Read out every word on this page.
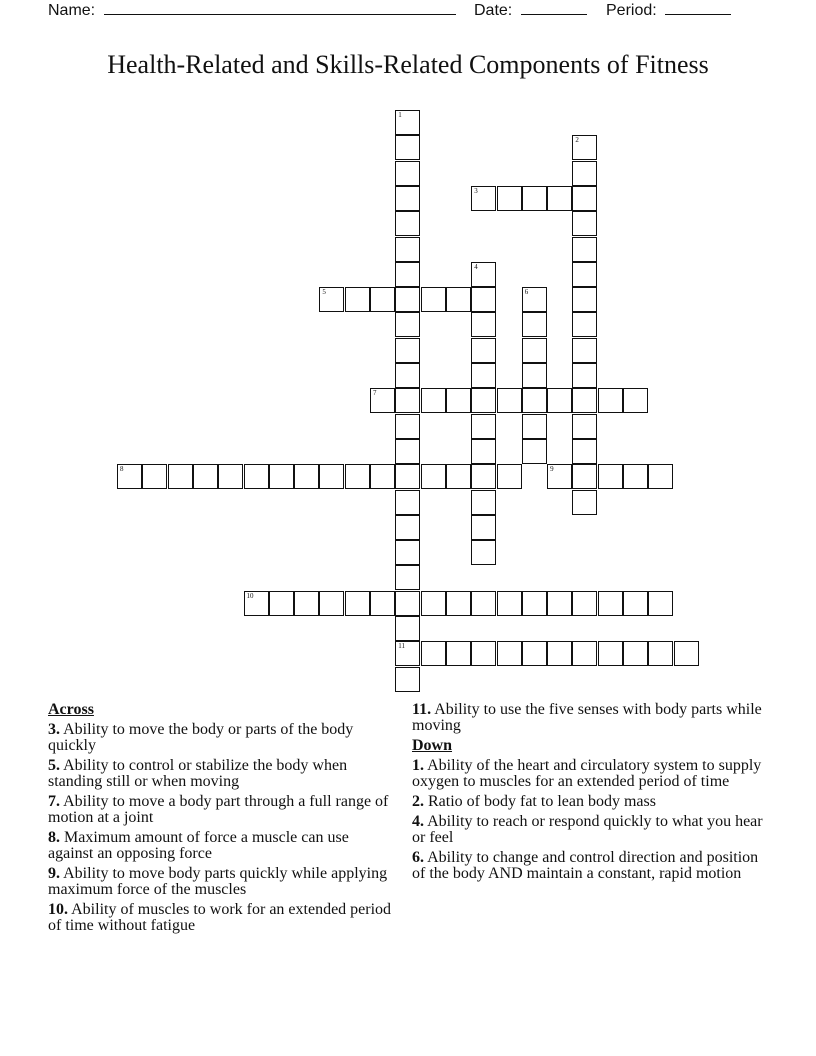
Name:	Date:	Period:
Health-Related and Skills-Related Components of Fitness
1
11
2
3
4
5	6
7
8	9
10
Across
3. Ability to move the body or parts of the body quickly
5. Ability to control or stabilize the body when standing still or when moving
7. Ability to move a body part through a full range of motion at a joint
8. Maximum amount of force a muscle can use against an opposing force
9. Ability to move body parts quickly while applying maximum force of the muscles
10. Ability of muscles to work for an extended period of time without fatigue
11. Ability to use the five senses with body parts while moving
Down
1. Ability of the heart and circulatory system to supply oxygen to muscles for an extended period of time
2. Ratio of body fat to lean body mass
4. Ability to reach or respond quickly to what you hear or feel
6. Ability to change and control direction and position of the body AND maintain a constant, rapid motion
